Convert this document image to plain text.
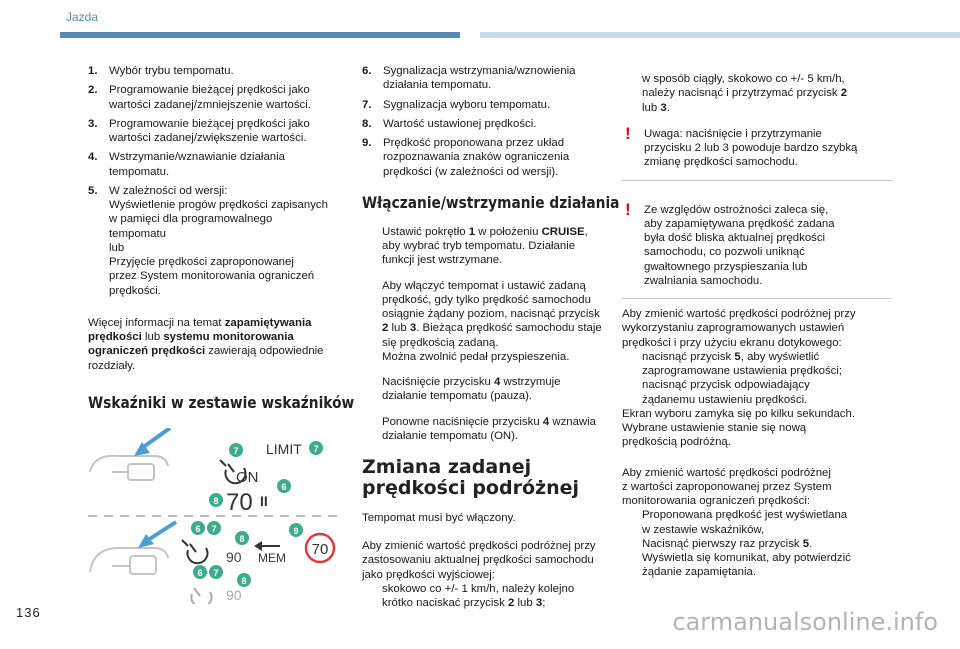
Jazda
1.	Wybór trybu tempomatu.
2.	Programowanie bieżącej prędkości jako
wartości zadanej/zmniejszenie wartości.
3.	Programowanie bieżącej prędkości jako
wartości zadanej/zwiększenie wartości.
4.	Wstrzymanie/wznawianie działania
tempomatu.
5.	W zależności od wersji:
Wyświetlenie progów prędkości zapisanych
w pamięci dla programowalnego
tempomatu
lub
Przyjęcie prędkości zaproponowanej
przez System monitorowania ograniczeń
prędkości.

Więcej informacji na temat zapamiętywania
prędkości lub systemu monitorowania
ograniczeń prędkości zawierają odpowiednie
rozdziały.

Wskaźniki w zestawie wskaźników
7 LIMIT 7
ON
6
8 70 II
6 7
8
9
90 MEM 70
6 7
8
90
6.	Sygnalizacja wstrzymania/wznowienia
działania tempomatu.
7.	Sygnalizacja wyboru tempomatu.
8.	Wartość ustawionej prędkości.
9.	Prędkość proponowana przez układ
rozpoznawania znaków ograniczenia
prędkości (w zależności od wersji).
Włączanie/wstrzymanie działania
Ustawić pokrętło 1 w położeniu CRUISE,
aby wybrać tryb tempomatu. Działanie
funkcji jest wstrzymane.
Aby włączyć tempomat i ustawić zadaną
prędkość, gdy tylko prędkość samochodu
osiągnie żądany poziom, nacisnąć przycisk
2 lub 3. Bieżąca prędkość samochodu staje
się prędkością zadaną.
Można zwolnić pedał przyspieszenia.
Naciśnięcie przycisku 4 wstrzymuje
działanie tempomatu (pauza).
Ponowne naciśnięcie przycisku 4 wznawia
działanie tempomatu (ON).
Zmiana zadanej prędkości podróżnej

Tempomat musi być włączony.

Aby zmienić wartość prędkości podróżnej przy
zastosowaniu aktualnej prędkości samochodu
jako prędkości wyjściowej:

skokowo co +/- 1 km/h, należy kolejno
krótko naciskać przycisk 2 lub 3;
w sposób ciągły, skokowo co +/- 5 km/h,
należy nacisnąć i przytrzymać przycisk 2
lub 3.
!	Uwaga: naciśnięcie i przytrzymanie
przycisku 2 lub 3 powoduje bardzo szybką
zmianę prędkości samochodu.
!	Ze względów ostrożności zaleca się,
aby zapamiętywana prędkość zadana
była dość bliska aktualnej prędkości
samochodu, co pozwoli uniknąć
gwałtownego przyspieszania lub
zwalniania samochodu.

Aby zmienić wartość prędkości podróżnej przy
wykorzystaniu zaprogramowanych ustawień
prędkości i przy użyciu ekranu dotykowego:

nacisnąć przycisk 5, aby wyświetlić
zaprogramowane ustawienia prędkości;
nacisnąć przycisk odpowiadający
żądanemu ustawieniu prędkości.

Ekran wyboru zamyka się po kilku sekundach.
Wybrane ustawienie stanie się nową
prędkością podróżną.

Aby zmienić wartość prędkości podróżnej
z wartości zaproponowanej przez System
monitorowania ograniczeń prędkości:

Proponowana prędkość jest wyświetlana
w zestawie wskaźników,
Nacisnąć pierwszy raz przycisk 5.
Wyświetla się komunikat, aby potwierdzić
żądanie zapamiętania.
136	carmanualsonline.info
